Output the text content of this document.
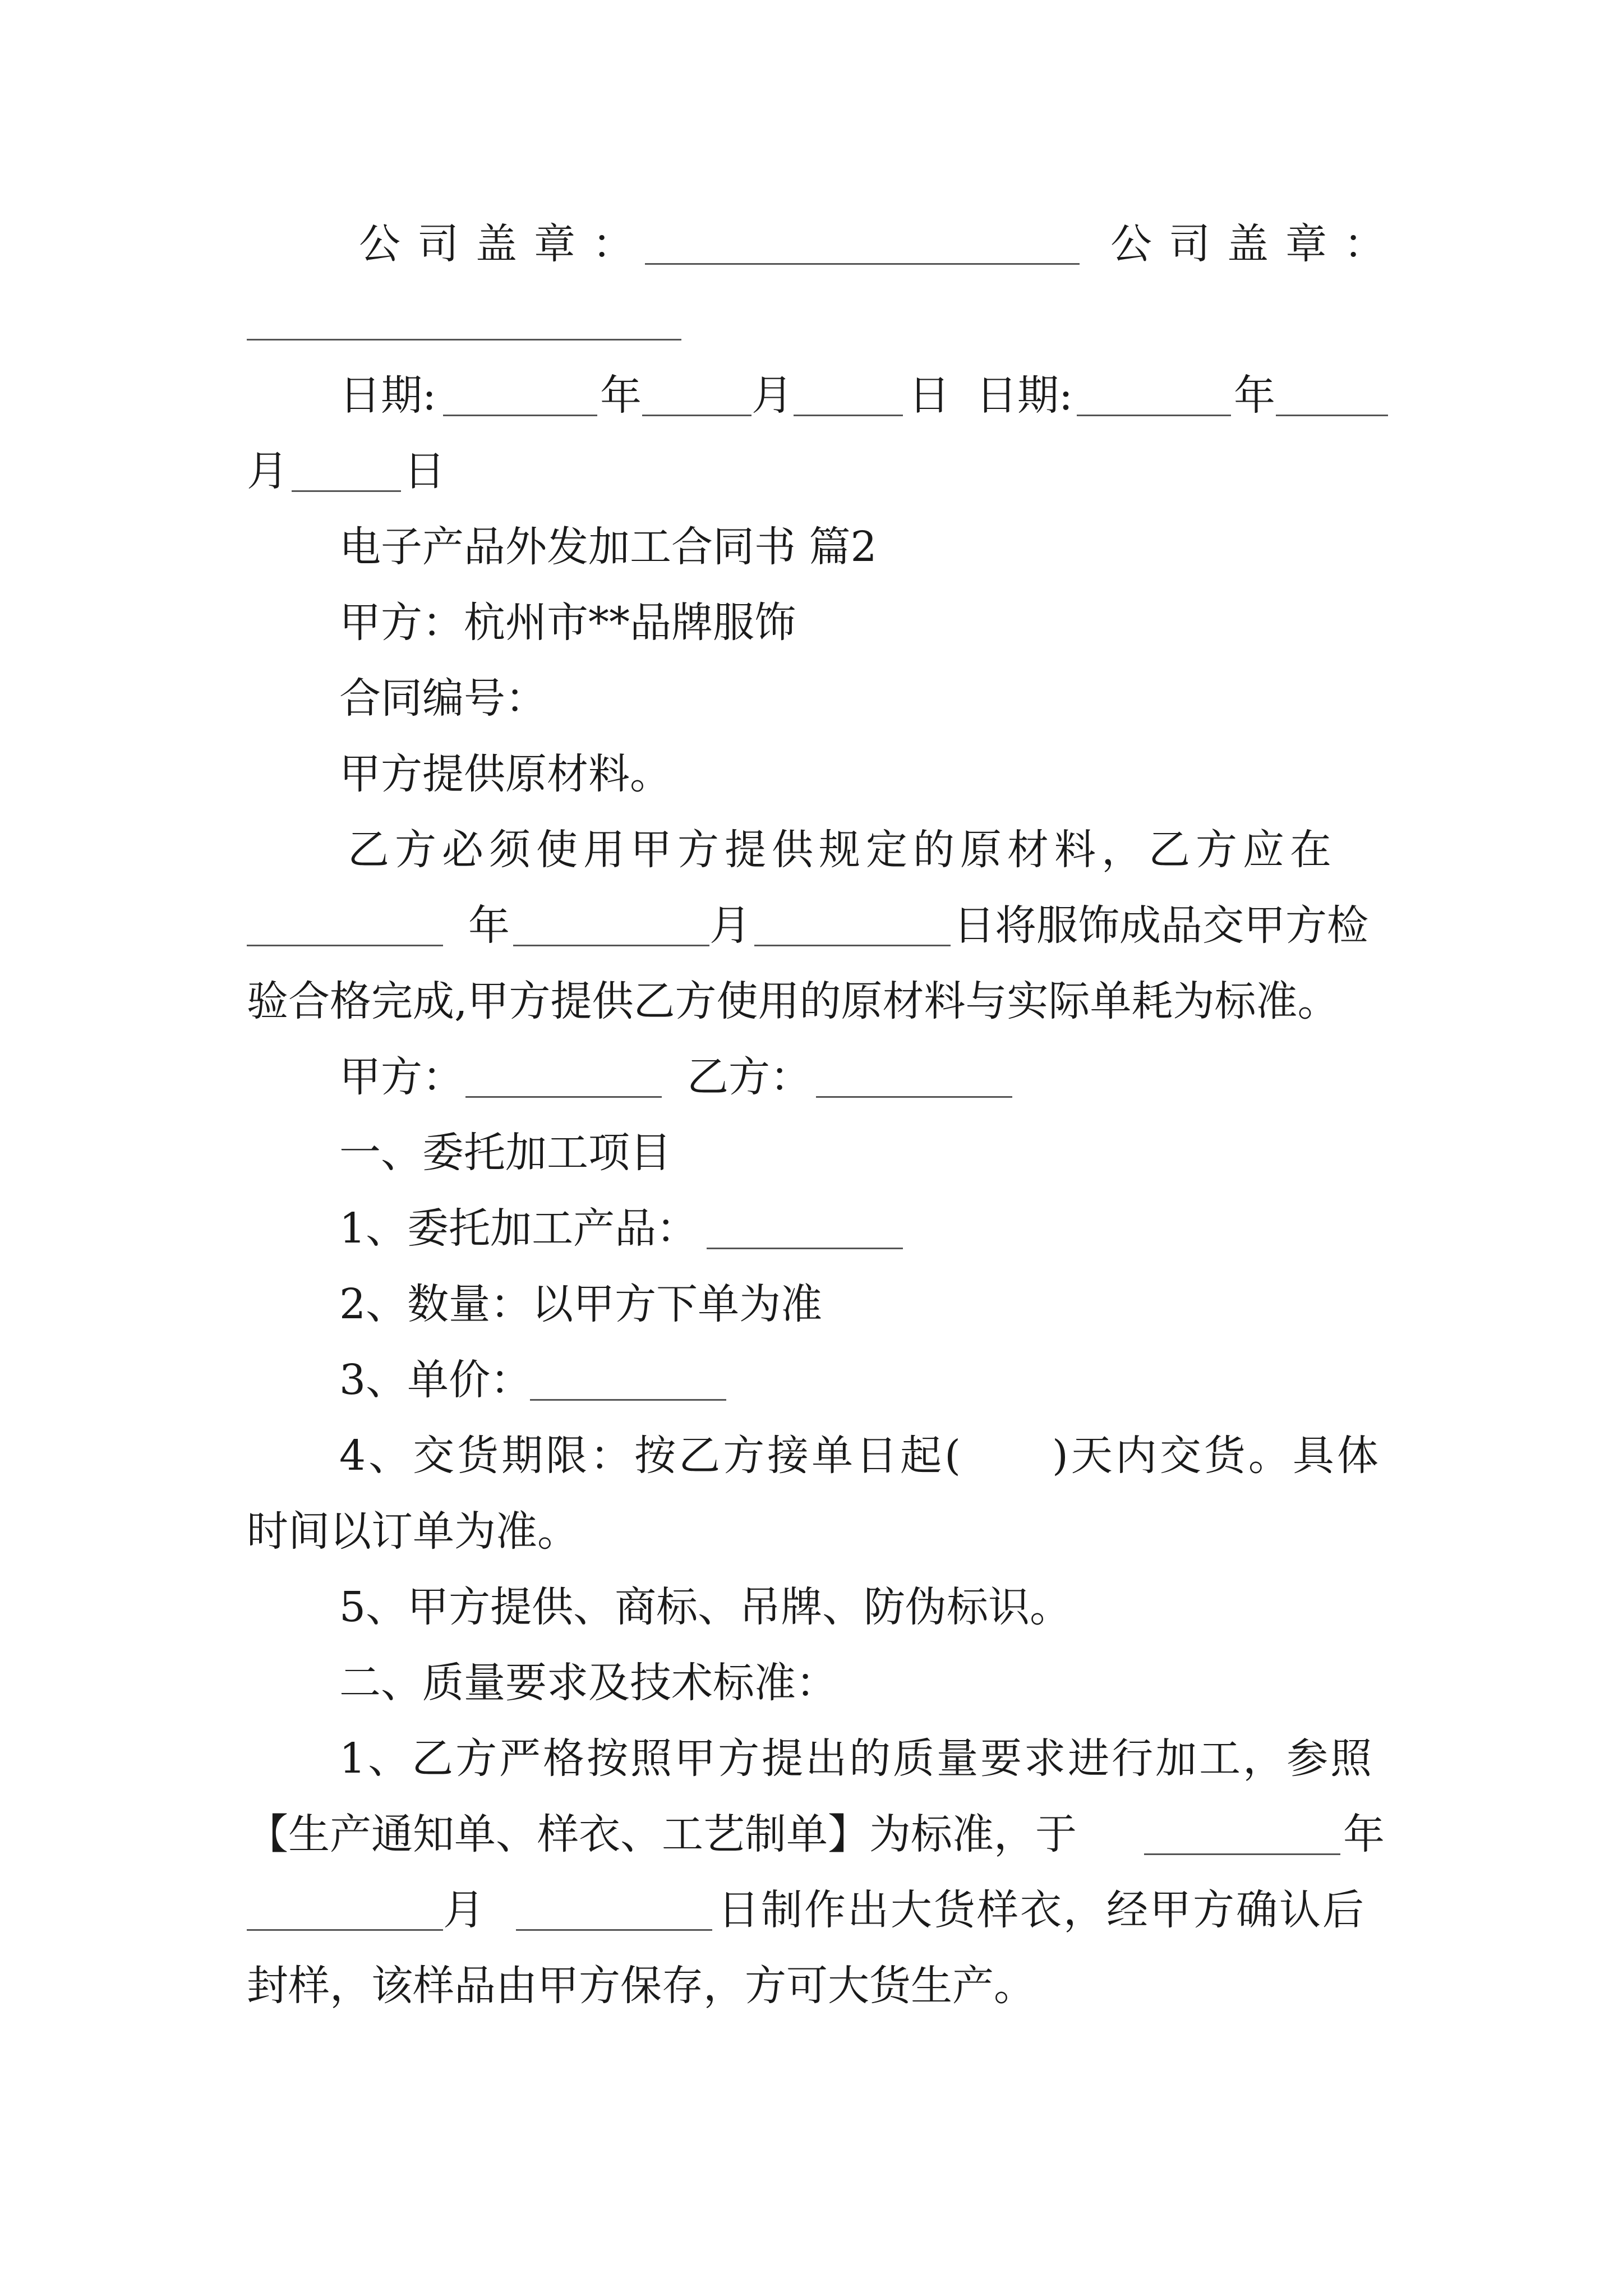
公司盖章：	公司盖章：
日期:	年	月	日 日期:	年
月	日
电子产品外发加工合同书 篇2
甲方：杭州市**品牌服饰
合同编号：
甲方提供原材料。
乙方必须使用甲方提供规定的原材料，乙方应在
年	月	日将服饰成品交甲方检
验合格完成,甲方提供乙方使用的原材料与实际单耗为标准。
甲方：	乙方：
一、委托加工项目
1、委托加工产品：
2、数量：以甲方下单为准
3、单价：
4、交货期限：按乙方接单日起(　　)天内交货。具体
时间以订单为准。
5、甲方提供、商标、吊牌、防伪标识。
二、质量要求及技术标准：
1、乙方严格按照甲方提出的质量要求进行加工，参照
【生产通知单、样衣、工艺制单】为标准，于	年
月	日制作出大货样衣，经甲方确认后
封样，该样品由甲方保存，方可大货生产。
